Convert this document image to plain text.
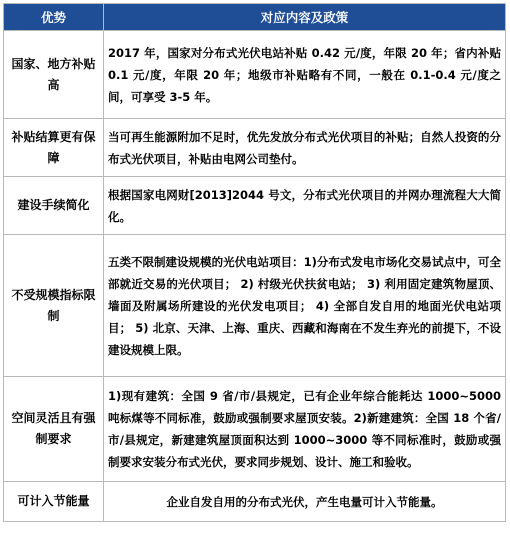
优势	对应内容及政策
国家、地方补贴高	2017 年，国家对分布式光伏电站补贴 0.42 元/度，年限 20 年；省内补贴 0.1 元/度，年限 20 年；地级市补贴略有不同，一般在 0.1-0.4 元/度之间，可享受 3-5 年。
补贴结算更有保障	当可再生能源附加不足时，优先发放分布式光伏项目的补贴；自然人投资的分布式光伏项目，补贴由电网公司垫付。
建设手续简化	根据国家电网财[2013]2044 号文，分布式光伏项目的并网办理流程大大简化。
不受规模指标限制	五类不限制建设规模的光伏电站项目：1)分布式发电市场化交易试点中，可全部就近交易的光伏项目； 2) 村级光伏扶贫电站； 3) 利用固定建筑物屋顶、墙面及附属场所建设的光伏发电项目； 4) 全部自发自用的地面光伏电站项目； 5) 北京、天津、上海、重庆、西藏和海南在不发生弃光的前提下，不设建设规模上限。
空间灵活且有强制要求	1)现有建筑：全国 9 省/市/县规定，已有企业年综合能耗达 1000~5000 吨标煤等不同标准，鼓励或强制要求屋顶安装。2)新建建筑：全国 18 个省/市/县规定，新建建筑屋顶面积达到 1000~3000 等不同标准时，鼓励或强制要求安装分布式光伏，要求同步规划、设计、施工和验收。
可计入节能量	企业自发自用的分布式光伏，产生电量可计入节能量。
